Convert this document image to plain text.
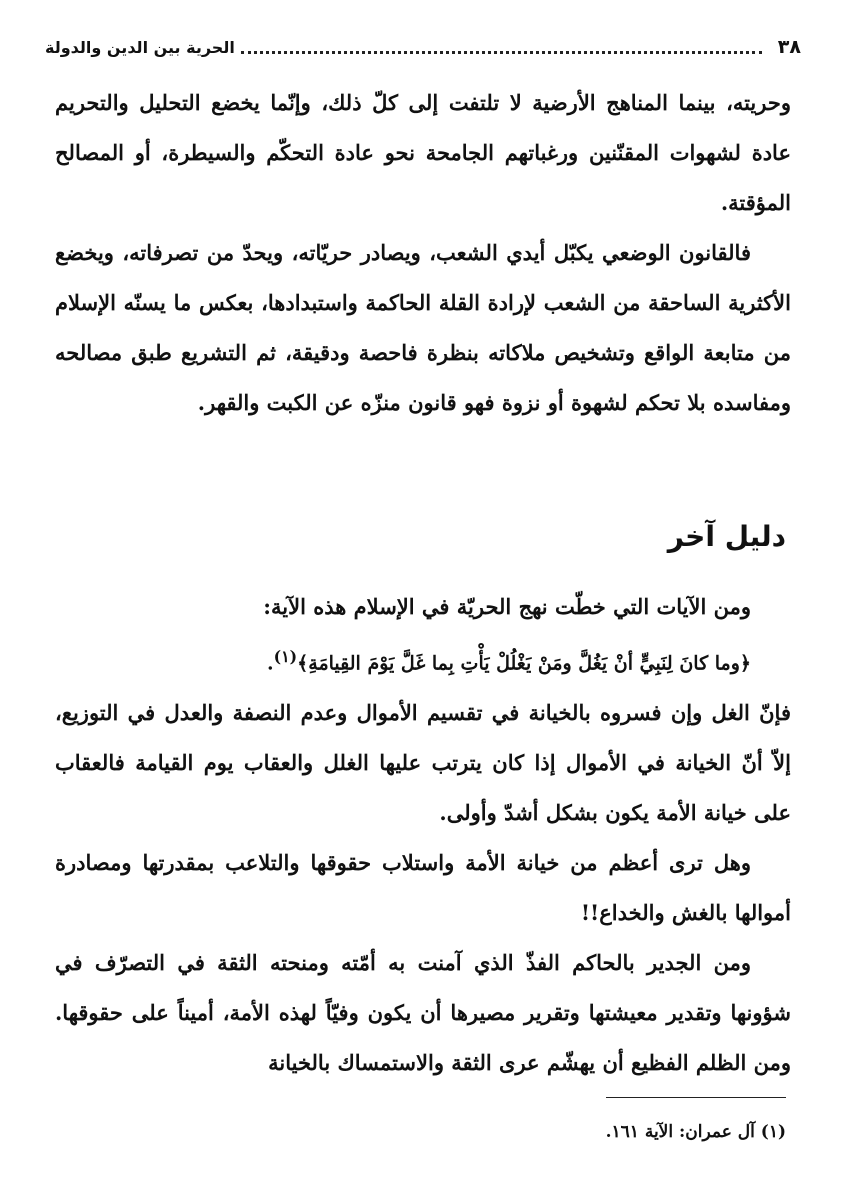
٣٨
الحرية بين الدين والدولة

وحريته، بينما المناهج الأرضية لا تلتفت إلى كلّ ذلك، وإنّما يخضع التحليل والتحريم عادة لشهوات المقنّنين ورغباتهم الجامحة نحو عادة التحكّم والسيطرة، أو المصالح المؤقتة.

فالقانون الوضعي يكبّل أيدي الشعب، ويصادر حريّاته، ويحدّ من تصرفاته، ويخضع الأكثرية الساحقة من الشعب لإرادة القلة الحاكمة واستبدادها، بعكس ما يسنّه الإسلام من متابعة الواقع وتشخيص ملاكاته بنظرة فاحصة ودقيقة، ثم التشريع طبق مصالحه ومفاسده بلا تحكم لشهوة أو نزوة فهو قانون منزّه عن الكبت والقهر.

دليل آخر

ومن الآيات التي خطّت نهج الحريّة في الإسلام هذه الآية:

﴿وما كانَ لِنَبِيٍّ أنْ يَغُلَّ ومَنْ يَغْلُلْ يَأْتِ بِما غَلَّ يَوْمَ القِيامَةِ﴾$^{(١)}$.

فإنّ الغل وإن فسروه بالخيانة في تقسيم الأموال وعدم النصفة والعدل في التوزيع، إلاّ أنّ الخيانة في الأموال إذا كان يترتب عليها الغلل والعقاب يوم القيامة فالعقاب على خيانة الأمة يكون بشكل أشدّ وأولى.

وهل ترى أعظم من خيانة الأمة واستلاب حقوقها والتلاعب بمقدرتها ومصادرة أموالها بالغش والخداع!!

ومن الجدير بالحاكم الفذّ الذي آمنت به أمّته ومنحته الثقة في التصرّف في شؤونها وتقدير معيشتها وتقرير مصيرها أن يكون وفيّاً لهذه الأمة، أميناً على حقوقها. ومن الظلم الفظيع أن يهشّم عرى الثقة والاستمساك بالخيانة

(١) آل عمران: الآية ١٦١.
